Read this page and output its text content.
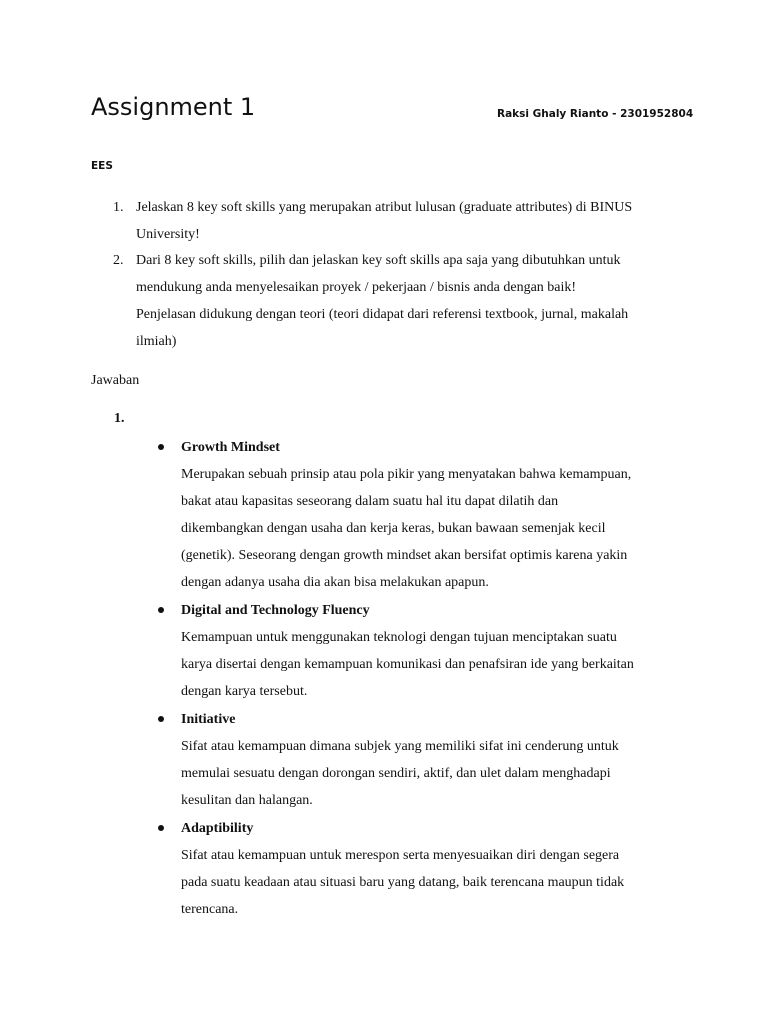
Assignment 1	Raksi Ghaly Rianto - 2301952804
EES
1. Jelaskan 8 key soft skills yang merupakan atribut lulusan (graduate attributes) di BINUS
University!
2. Dari 8 key soft skills, pilih dan jelaskan key soft skills apa saja yang dibutuhkan untuk
mendukung anda menyelesaikan proyek / pekerjaan / bisnis anda dengan baik!
Penjelasan didukung dengan teori (teori didapat dari referensi textbook, jurnal, makalah
ilmiah)
Jawaban
1.
Growth Mindset
Merupakan sebuah prinsip atau pola pikir yang menyatakan bahwa kemampuan,
bakat atau kapasitas seseorang dalam suatu hal itu dapat dilatih dan
dikembangkan dengan usaha dan kerja keras, bukan bawaan semenjak kecil
(genetik). Seseorang dengan growth mindset akan bersifat optimis karena yakin
dengan adanya usaha dia akan bisa melakukan apapun.
Digital and Technology Fluency
Kemampuan untuk menggunakan teknologi dengan tujuan menciptakan suatu
karya disertai dengan kemampuan komunikasi dan penafsiran ide yang berkaitan
dengan karya tersebut.
Initiative
Sifat atau kemampuan dimana subjek yang memiliki sifat ini cenderung untuk
memulai sesuatu dengan dorongan sendiri, aktif, dan ulet dalam menghadapi
kesulitan dan halangan.
Adaptibility
Sifat atau kemampuan untuk merespon serta menyesuaikan diri dengan segera
pada suatu keadaan atau situasi baru yang datang, baik terencana maupun tidak
terencana.
